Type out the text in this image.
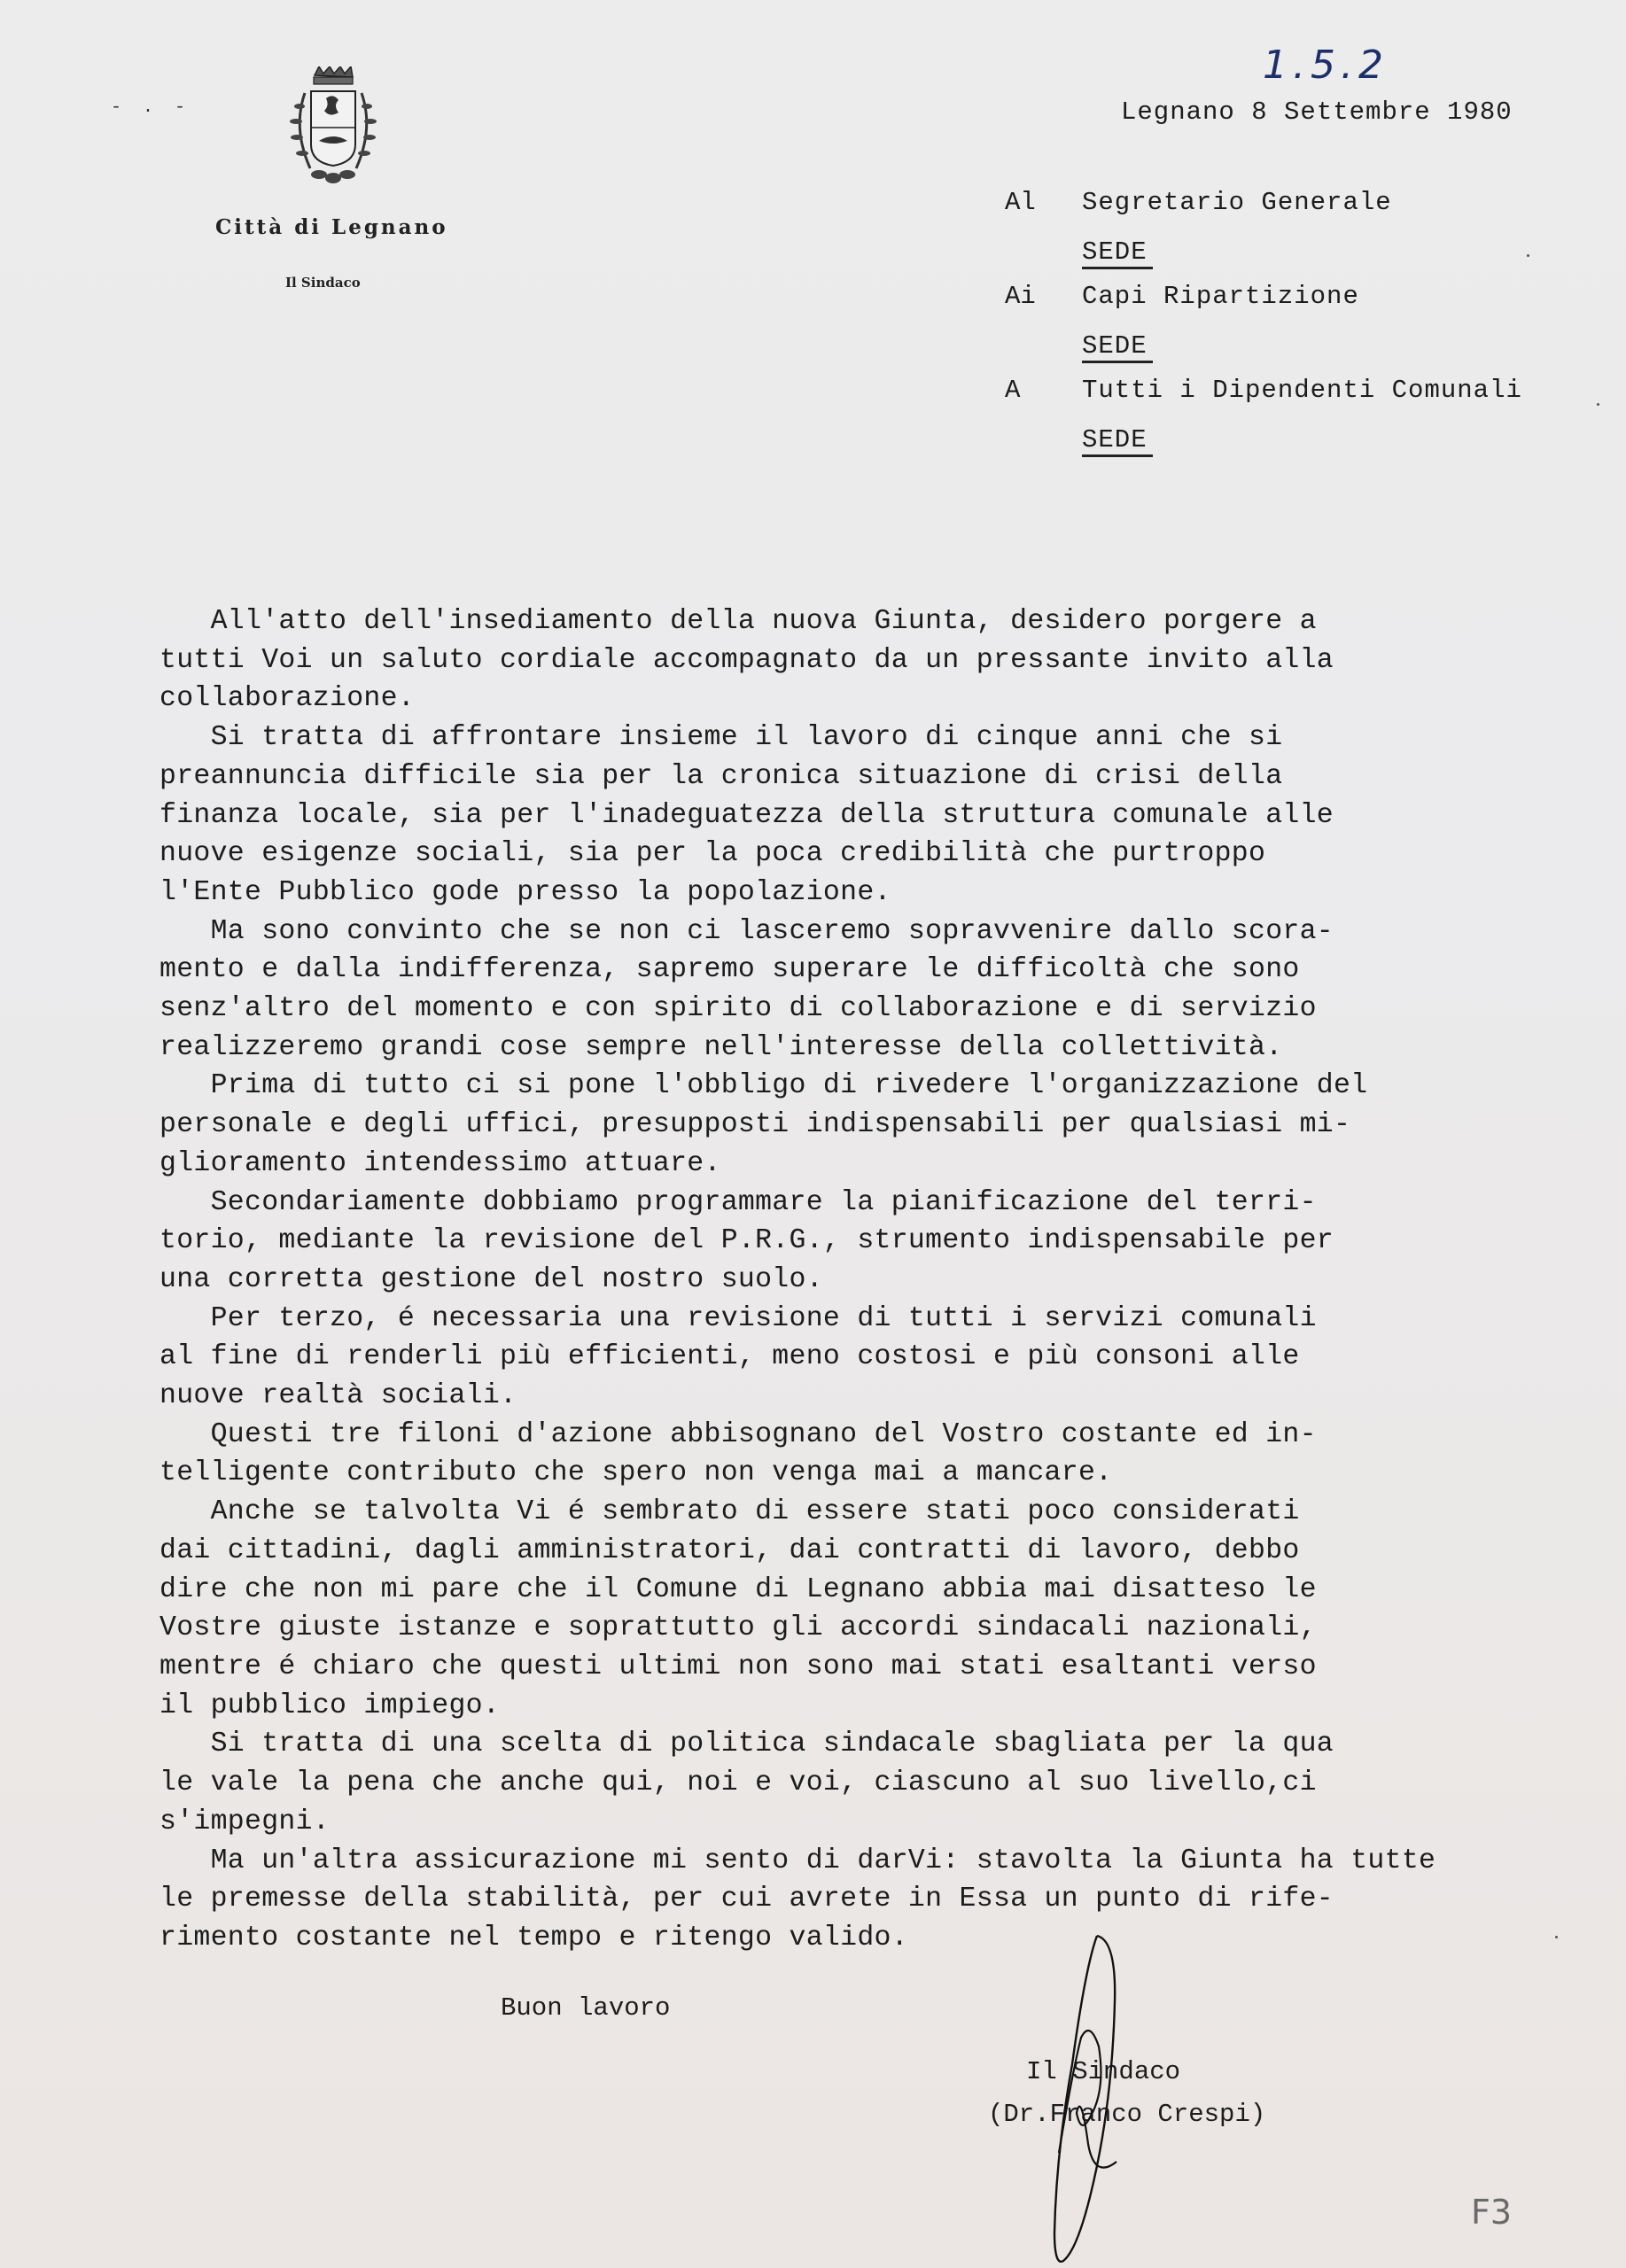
- . -
Città di Legnano
Il Sindaco
1.5.2
Legnano 8 Settembre 1980
Al Segretario Generale
SEDE
Ai Capi Ripartizione
SEDE
A Tutti i Dipendenti Comunali
SEDE
All'atto dell'insediamento della nuova Giunta, desidero porgere a
tutti Voi un saluto cordiale accompagnato da un pressante invito alla
collaborazione.
Si tratta di affrontare insieme il lavoro di cinque anni che si
preannuncia difficile sia per la cronica situazione di crisi della
finanza locale, sia per l'inadeguatezza della struttura comunale alle
nuove esigenze sociali, sia per la poca credibilità che purtroppo
l'Ente Pubblico gode presso la popolazione.
Ma sono convinto che se non ci lasceremo sopravvenire dallo scora-
mento e dalla indifferenza, sapremo superare le difficoltà che sono
senz'altro del momento e con spirito di collaborazione e di servizio
realizzeremo grandi cose sempre nell'interesse della collettività.
Prima di tutto ci si pone l'obbligo di rivedere l'organizzazione del
personale e degli uffici, presupposti indispensabili per qualsiasi mi-
glioramento intendessimo attuare.
Secondariamente dobbiamo programmare la pianificazione del terri-
torio, mediante la revisione del P.R.G., strumento indispensabile per
una corretta gestione del nostro suolo.
Per terzo, é necessaria una revisione di tutti i servizi comunali
al fine di renderli più efficienti, meno costosi e più consoni alle
nuove realtà sociali.
Questi tre filoni d'azione abbisognano del Vostro costante ed in-
telligente contributo che spero non venga mai a mancare.
Anche se talvolta Vi é sembrato di essere stati poco considerati
dai cittadini, dagli amministratori, dai contratti di lavoro, debbo
dire che non mi pare che il Comune di Legnano abbia mai disatteso le
Vostre giuste istanze e soprattutto gli accordi sindacali nazionali,
mentre é chiaro che questi ultimi non sono mai stati esaltanti verso
il pubblico impiego.
Si tratta di una scelta di politica sindacale sbagliata per la qua
le vale la pena che anche qui, noi e voi, ciascuno al suo livello,ci
s'impegni.
Ma un'altra assicurazione mi sento di darVi: stavolta la Giunta ha tutte
le premesse della stabilità, per cui avrete in Essa un punto di rife-
rimento costante nel tempo e ritengo valido.
Buon lavoro
Il Sindaco
(Dr.Franco Crespi)
F3
